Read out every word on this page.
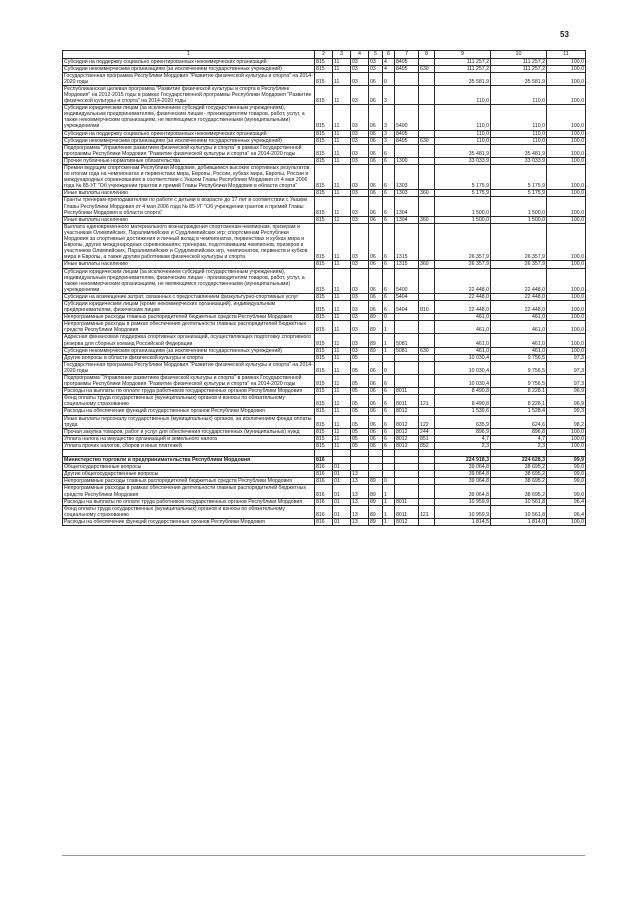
53
1	2	3	4	5	6	7	8	9	10	11
Субсидии на поддержку социально ориентированных некоммерческих организаций	815	11	03	03	4	8405		111 257,2	111 257,2	100,0
Субсидии некоммерческим организациям (за исключением государственных учреждений)	815	11	03	03	4	8405	630	111 257,2	111 257,2	100,0
Государственная программа Республики Мордовия "Развитие физической культуры и спорта" на 2014-2020 годы	815	11	03	06	0			35 581,9	35 581,9	100,0
Республиканская целевая программа "Развитие физической культуры и спорта в Республике Мордовия" на 2012-2015 годы в рамках Государственной программы Республики Мордовия "Развитие физической культуры и спорта" на 2014-2020 годы	815	11	03	06	3			110,0	110,0	100,0
Субсидии юридическим лицам (за исключением субсидий государственным учреждениям), индивидуальным предпринимателям, физическим лицам - производителям товаров, работ, услуг, а также некоммерческим организациям, не являющимся государственными (муниципальными) учреждениями	815	11	03	06	3	5400		110,0	110,0	100,0
Субсидии на поддержку социально ориентированных некоммерческих организаций	815	11	03	06	3	8405		110,0	110,0	100,0
Субсидии некоммерческим организациям (за исключением государственных учреждений)	815	11	03	06	3	8405	630	110,0	110,0	100,0
Подпрограмма "Управление развитием физической культуры и спорта" в рамках Государственной программы Республики Мордовия "Развитие физической культуры и спорта" на 2014-2020 годы	815	11	03	06	6			35 481,9	35 481,9	100,0
Прочие публичные нормативные обязательства	815	11	03	06	6	1300		33 033,9	33 033,9	100,0
Премии ведущим спортсменам Республики Мордовия, добившимся высоких спортивных результатов по итогам года на чемпионатах и первенствах мира, Европы, России, кубках мира, Европы, России и международных соревнованиях в соответствии с Указом Главы Республики Мордовия от 4 мая 2006 года № 85-УГ "Об учреждении грантов и премий Главы Республики Мордовия в области спорта"	815	11	03	06	6	1303		5 175,9	5 175,9	100,0
Иные выплаты населению	815	11	03	06	6	1303	360	5 175,9	5 175,9	100,0
Гранты тренерам-преподавателям по работе с детьми в возрасте до 17 лет в соответствии с Указом Главы Республики Мордовия от 4 мая 2006 года № 85-УГ "Об учреждении грантов и премий Главы Республики Мордовия в области спорта"	815	11	03	06	6	1304		1 500,0	1 500,0	100,0
Иные выплаты населению	815	11	03	06	6	1304	360	1 500,0	1 500,0	100,0
Выплата единовременного материального вознаграждения спортсменам-чемпионам, призерам и участникам Олимпийских, Паралимпийских и Сурдлимпийских игр; спортсменам Республики Мордовия за спортивные достижения и личный вклад в чемпионатах, первенствах и кубках мира и Европы, других международных соревнованиях; тренерам, подготовившим чемпионов, призеров и участников Олимпийских, Паралимпийских и Сурдлимпийских игр, чемпионатов, первенств и кубков мира и Европы, а также другим работникам физической культуры и спорта	815	11	03	06	6	1315		26 357,9	26 357,9	100,0
Иные выплаты населению	815	11	03	06	6	1315	360	26 357,9	26 357,9	100,0
Субсидии юридическим лицам (за исключением субсидий государственным учреждениям), индивидуальным предпринимателям, физическим лицам - производителям товаров, работ, услуг, а также некоммерческим организациям, не являющимся государственными (муниципальными) учреждениями	815	11	03	06	6	5400		22 448,0	22 448,0	100,0
Субсидии на возмещение затрат, связанных с предоставлением физкультурно-спортивных услуг	815	11	03	06	6	5404		22 448,0	22 448,0	100,0
Субсидии юридическим лицам (кроме некоммерческих организаций), индивидуальным предпринимателям, физическим лицам	815	11	03	06	6	5404	810	22 448,0	22 448,0	100,0
Непрограммные расходы главных распорядителей бюджетных средств Республики Мордовия	815	11	03	89	0			461,0	461,0	100,0
Непрограммные расходы в рамках обеспечения деятельности главных распорядителей бюджетных средств Республики Мордовия	815	11	03	89	1			461,0	461,0	100,0
Адресная финансовая поддержка спортивных организаций, осуществляющих подготовку спортивного резерва для сборных команд Российской Федерации	815	11	03	89	1	5081		461,0	461,0	100,0
Субсидии некоммерческим организациям (за исключением государственных учреждений)	815	11	03	89	1	5081	630	461,0	461,0	100,0
Другие вопросы в области физической культуры и спорта	815	11	05					10 030,4	9 756,5	97,3
Государственная программа Республики Мордовия "Развитие физической культуры и спорта" на 2014-2020 годы	815	11	05	06	0			10 030,4	9 756,5	97,3
Подпрограмма "Управление развитием физической культуры и спорта" в рамках Государственной программы Республики Мордовия "Развитие физической культуры и спорта" на 2014-2020 годы	815	11	05	06	6			10 030,4	9 756,5	97,3
Расходы на выплаты по оплате труда работников государственных органов Республики Мордовия	815	11	05	06	6	8011		8 490,8	8 228,1	96,9
Фонд оплаты труда государственных (муниципальных) органов и взносы по обязательному социальному страхованию	815	11	05	06	6	8011	121	8 490,8	8 228,1	96,9
Расходы на обеспечение функций государственных органов Республики Мордовия	815	11	05	06	6	8012		1 539,6	1 528,4	99,3
Иные выплаты персоналу государственных (муниципальных) органов, за исключением фонда оплаты труда	815	11	05	06	6	8012	122	635,9	624,6	98,2
Прочая закупка товаров, работ и услуг для обеспечения государственных (муниципальных) нужд	815	11	05	06	6	8012	244	896,9	896,8	100,0
Уплата налога на имущество организаций и земельного налога	815	11	05	06	6	8012	851	4,7	4,7	100,0
Уплата прочих налогов, сборов и иных платежей	815	11	05	06	6	8012	852	2,3	2,3	100,0

Министерство торговли и предпринимательства Республики Мордовия	816							224 918,3	224 628,3	99,9
Общегосударственные вопросы	816	01						39 064,8	38 695,2	99,0
Другие общегосударственные вопросы	816	01	13					39 064,8	38 695,2	99,0
Непрограммные расходы главных распорядителей бюджетных средств Республики Мордовия	816	01	13	89	0			39 064,8	38 695,2	99,0
Непрограммные расходы в рамках обеспечения деятельности главных распорядителей бюджетных средств Республики Мордовия	816	01	13	89	1			39 064,8	38 695,2	99,0
Расходы на выплаты по оплате труда работников государственных органов Республики Мордовия	816	01	13	89	1	8011		10 959,9	10 561,8	96,4
Фонд оплаты труда государственных (муниципальных) органов и взносы по обязательному социальному страхованию	816	01	13	89	1	8011	121	10 959,9	10 561,8	96,4
Расходы на обеспечение функций государственных органов Республики Мордовия	816	01	13	89	1	8012		1 814,5	1 814,0	100,0
